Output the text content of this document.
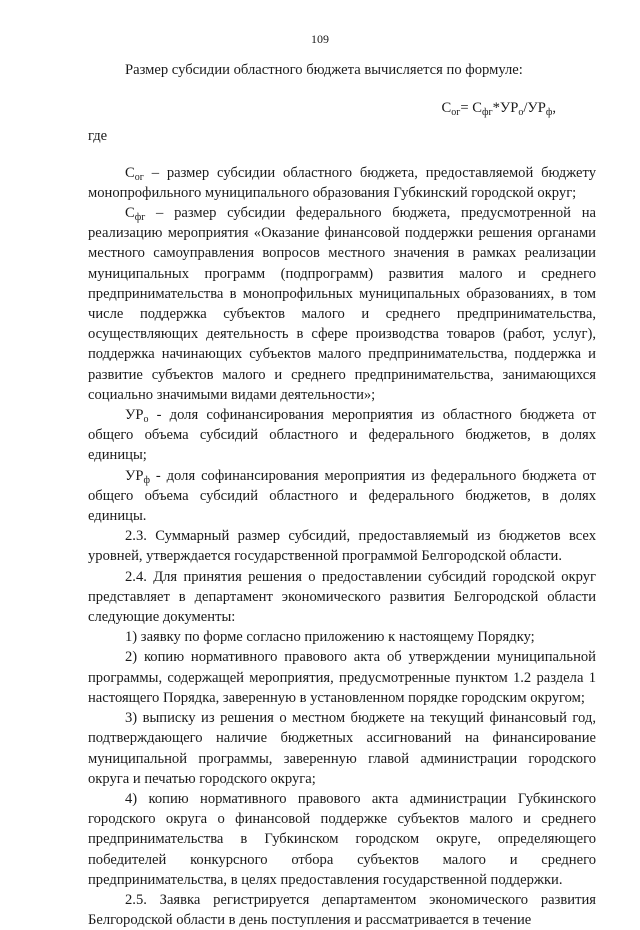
109

Размер субсидии областного бюджета вычисляется по формуле:

$С_{ог}= С_{фг}*УР_о/УР_ф$,

где

$С_{ог}$ – размер субсидии областного бюджета, предоставляемой бюджету монопрофильного муниципального образования Губкинский городской округ;

$С_{фг}$ – размер субсидии федерального бюджета, предусмотренной на реализацию мероприятия «Оказание финансовой поддержки решения органами местного самоуправления вопросов местного значения в рамках реализации муниципальных программ (подпрограмм) развития малого и среднего предпринимательства в монопрофильных муниципальных образованиях, в том числе поддержка субъектов малого и среднего предпринимательства, осуществляющих деятельность в сфере производства товаров (работ, услуг), поддержка начинающих субъектов малого предпринимательства, поддержка и развитие субъектов малого и среднего предпринимательства, занимающихся социально значимыми видами деятельности»;

$УР_о$ - доля софинансирования мероприятия из областного бюджета от общего объема субсидий областного и федерального бюджетов, в долях единицы;

$УР_ф$ - доля софинансирования мероприятия из федерального бюджета от общего объема субсидий областного и федерального бюджетов, в долях единицы.

2.3. Суммарный размер субсидий, предоставляемый из бюджетов всех уровней, утверждается государственной программой Белгородской области.

2.4. Для принятия решения о предоставлении субсидий городской округ представляет в департамент экономического развития Белгородской области следующие документы:

1) заявку по форме согласно приложению к настоящему Порядку;

2) копию нормативного правового акта об утверждении муниципальной программы, содержащей мероприятия, предусмотренные пунктом 1.2 раздела 1 настоящего Порядка, заверенную в установленном порядке городским округом;

3) выписку из решения о местном бюджете на текущий финансовый год, подтверждающего наличие бюджетных ассигнований на финансирование муниципальной программы, заверенную главой администрации городского округа и печатью городского округа;

4) копию нормативного правового акта администрации Губкинского городского округа о финансовой поддержке субъектов малого и среднего предпринимательства в Губкинском городском округе, определяющего победителей конкурсного отбора субъектов малого и среднего предпринимательства, в целях предоставления государственной поддержки.

2.5. Заявка регистрируется департаментом экономического развития Белгородской области в день поступления и рассматривается в течение
